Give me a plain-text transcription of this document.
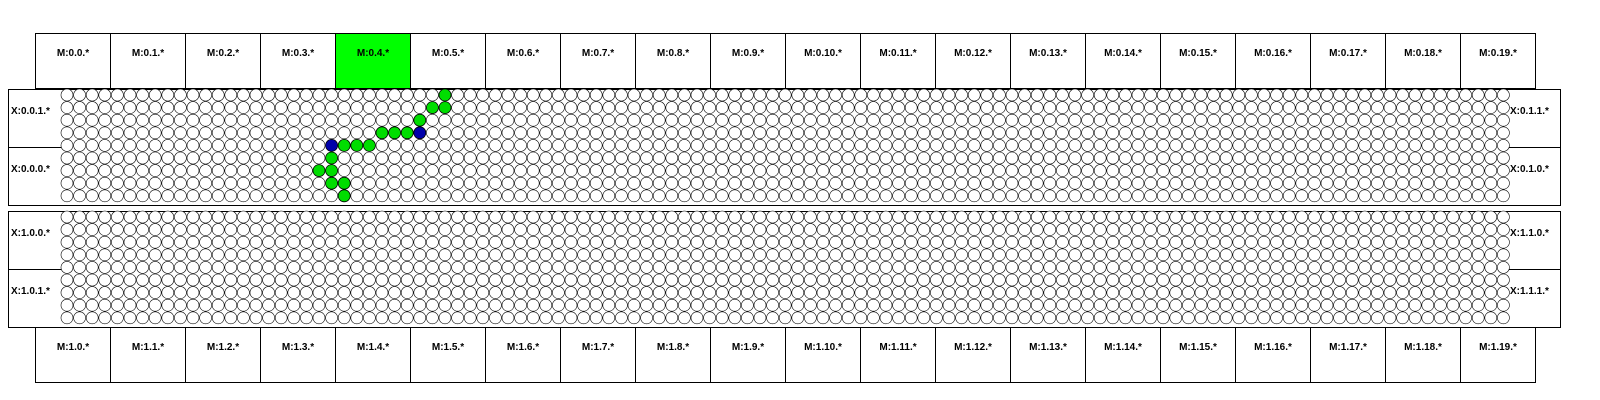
M:0.0.*	M:0.1.*	M:0.2.*	M:0.3.*	M:0.4.*	M:0.5.*	M:0.6.*	M:0.7.*	M:0.8.*	M:0.9.*	M:0.10.*	M:0.11.*	M:0.12.*	M:0.13.*	M:0.14.*	M:0.15.*	M:0.16.*	M:0.17.*	M:0.18.*	M:0.19.*
M:1.0.*	M:1.1.*	M:1.2.*	M:1.3.*	M:1.4.*	M:1.5.*	M:1.6.*	M:1.7.*	M:1.8.*	M:1.9.*	M:1.10.*	M:1.11.*	M:1.12.*	M:1.13.*	M:1.14.*	M:1.15.*	M:1.16.*	M:1.17.*	M:1.18.*	M:1.19.*
X:0.0.1.*
X:0.0.0.*
X:0.1.1.*
X:0.1.0.*
X:1.0.0.*
X:1.0.1.*
X:1.1.0.*
X:1.1.1.*
